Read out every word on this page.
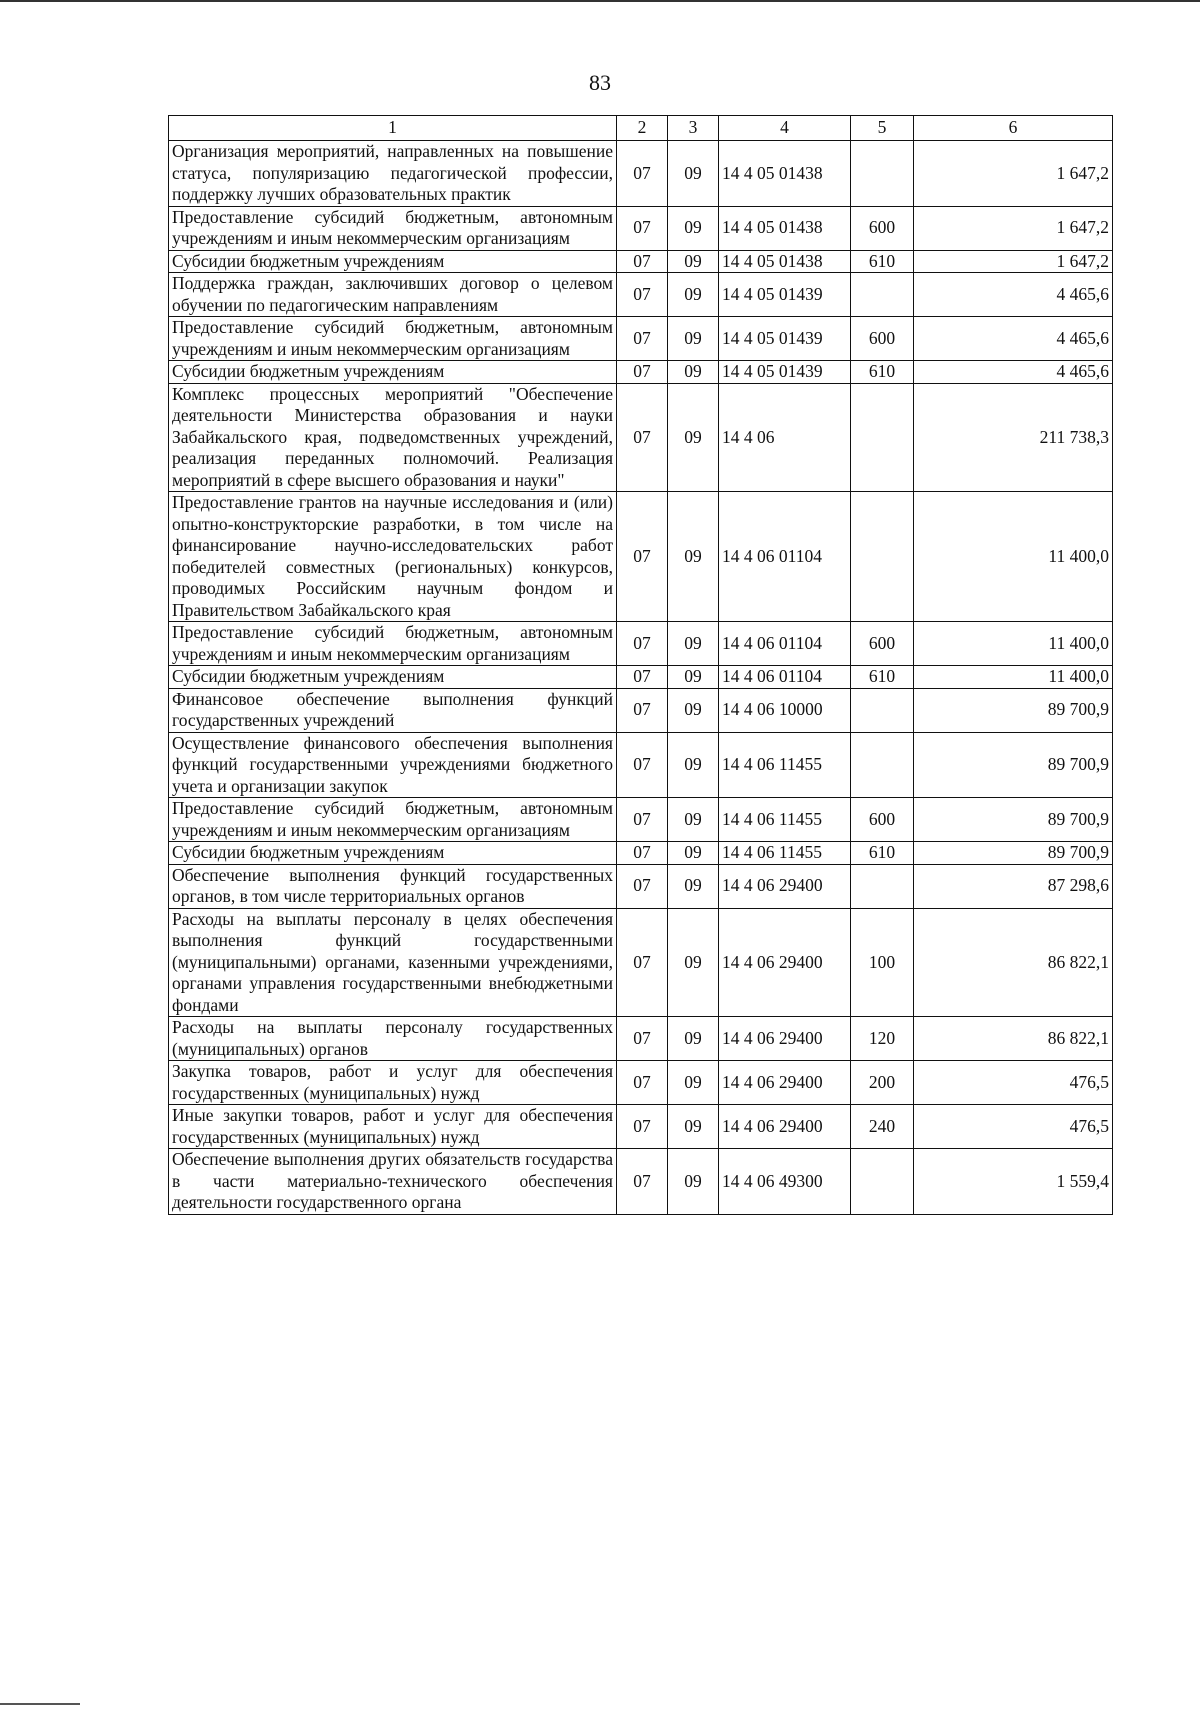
83
1	2	3	4	5	6
Организация мероприятий, направленных на повышение статуса, популяризацию педагогической профессии, поддержку лучших образовательных практик	07	09	14 4 05 01438		1 647,2
Предоставление субсидий бюджетным, автономным учреждениям и иным некоммерческим организациям	07	09	14 4 05 01438	600	1 647,2
Субсидии бюджетным учреждениям	07	09	14 4 05 01438	610	1 647,2
Поддержка граждан, заключивших договор о целевом обучении по педагогическим направлениям	07	09	14 4 05 01439		4 465,6
Предоставление субсидий бюджетным, автономным учреждениям и иным некоммерческим организациям	07	09	14 4 05 01439	600	4 465,6
Субсидии бюджетным учреждениям	07	09	14 4 05 01439	610	4 465,6
Комплекс процессных мероприятий "Обеспечение деятельности Министерства образования и науки Забайкальского края, подведомственных учреждений, реализация переданных полномочий. Реализация мероприятий в сфере высшего образования и науки"	07	09	14 4 06		211 738,3
Предоставление грантов на научные исследования и (или) опытно-конструкторские разработки, в том числе на финансирование научно-исследовательских работ победителей совместных (региональных) конкурсов, проводимых Российским научным фондом и Правительством Забайкальского края	07	09	14 4 06 01104		11 400,0
Предоставление субсидий бюджетным, автономным учреждениям и иным некоммерческим организациям	07	09	14 4 06 01104	600	11 400,0
Субсидии бюджетным учреждениям	07	09	14 4 06 01104	610	11 400,0
Финансовое обеспечение выполнения функций государственных учреждений	07	09	14 4 06 10000		89 700,9
Осуществление финансового обеспечения выполнения функций государственными учреждениями бюджетного учета и организации закупок	07	09	14 4 06 11455		89 700,9
Предоставление субсидий бюджетным, автономным учреждениям и иным некоммерческим организациям	07	09	14 4 06 11455	600	89 700,9
Субсидии бюджетным учреждениям	07	09	14 4 06 11455	610	89 700,9
Обеспечение выполнения функций государственных органов, в том числе территориальных органов	07	09	14 4 06 29400		87 298,6
Расходы на выплаты персоналу в целях обеспечения выполнения функций государственными (муниципальными) органами, казенными учреждениями, органами управления государственными внебюджетными фондами	07	09	14 4 06 29400	100	86 822,1
Расходы на выплаты персоналу государственных (муниципальных) органов	07	09	14 4 06 29400	120	86 822,1
Закупка товаров, работ и услуг для обеспечения государственных (муниципальных) нужд	07	09	14 4 06 29400	200	476,5
Иные закупки товаров, работ и услуг для обеспечения государственных (муниципальных) нужд	07	09	14 4 06 29400	240	476,5
Обеспечение выполнения других обязательств государства в части материально-технического обеспечения деятельности государственного органа	07	09	14 4 06 49300		1 559,4
